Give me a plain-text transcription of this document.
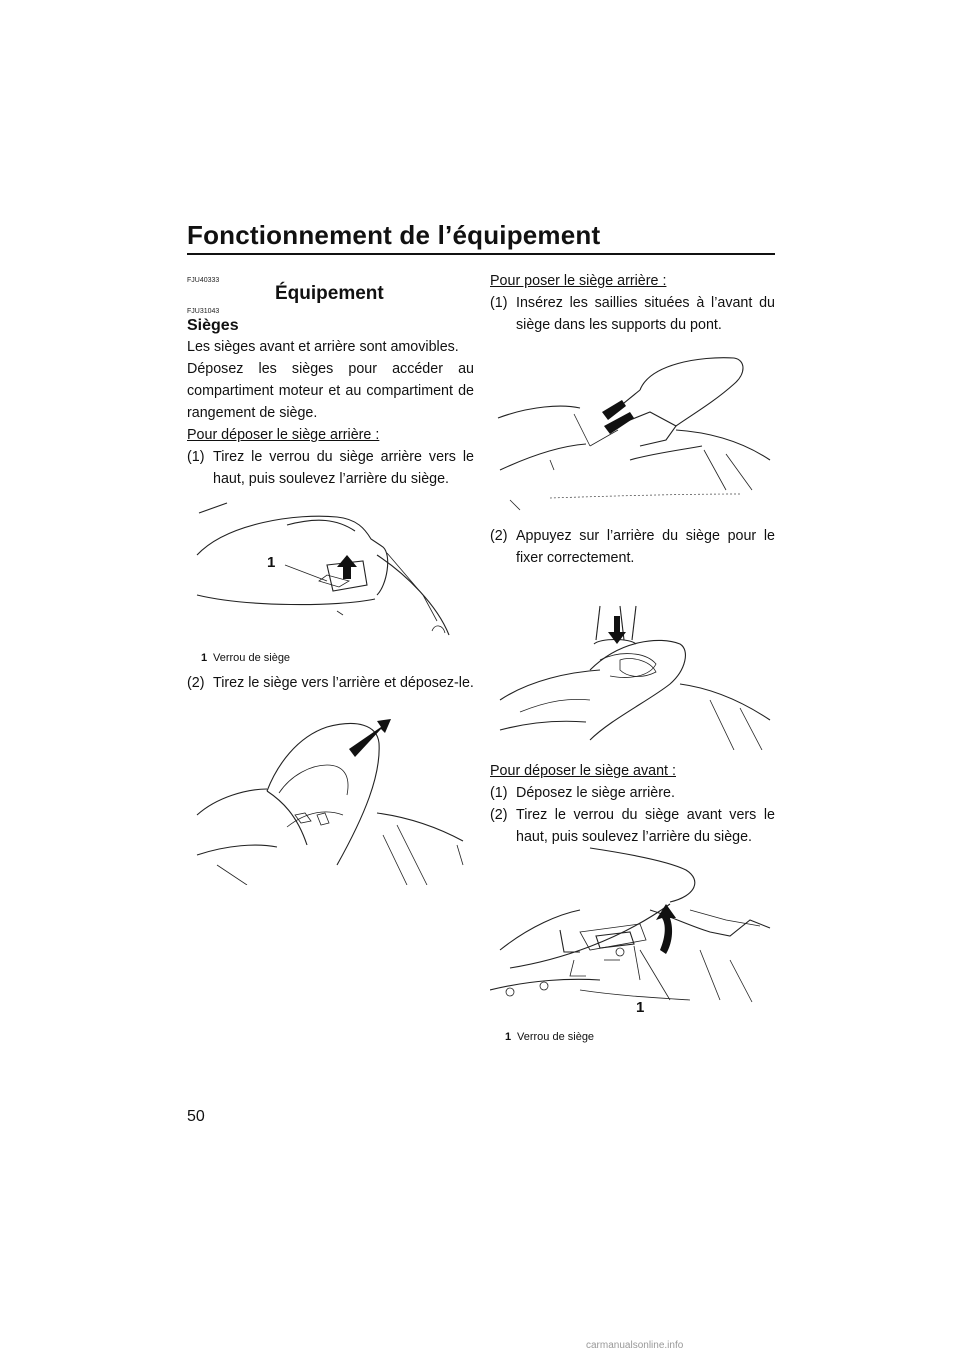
Fonctionnement de l’équipement
FJU40333
Équipement
FJU31043
Sièges

Les sièges avant et arrière sont amovibles.

Déposez les sièges pour accéder au compartiment moteur et au compartiment de rangement de siège.

Pour déposer le siège arrière :

(1) Tirez le verrou du siège arrière vers le haut, puis soulevez l’arrière du siège.
1
1 Verrou de siège
(2) Tirez le siège vers l’arrière et déposez-le.

Pour poser le siège arrière :

(1) Insérez les saillies situées à l’avant du siège dans les supports du pont.
(2) Appuyez sur l’arrière du siège pour le fixer correctement.

Pour déposer le siège avant :

(1) Déposez le siège arrière.
(2) Tirez le verrou du siège avant vers le haut, puis soulevez l’arrière du siège.
1
1 Verrou de siège
50
carmanualsonline.info
